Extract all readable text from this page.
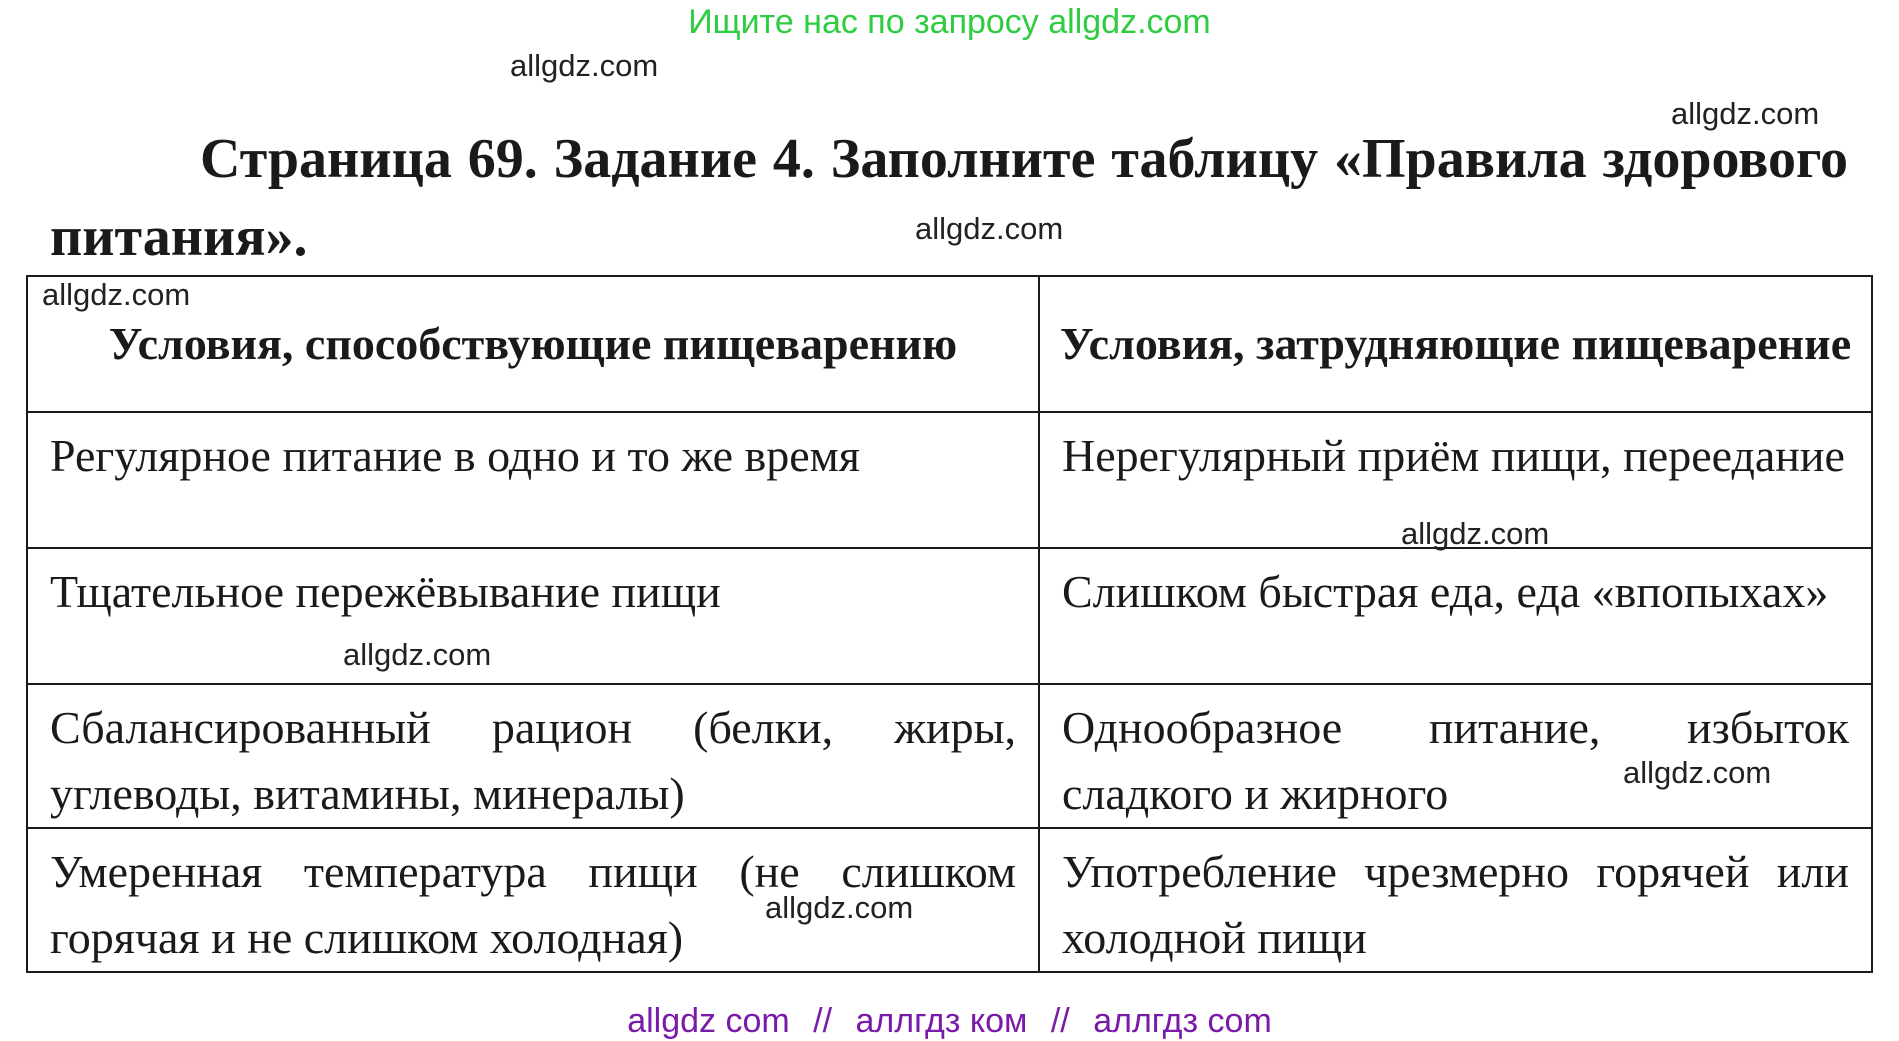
Ищите нас по запросу allgdz.com
Страница 69. Задание 4. Заполните таблицу «Правила здорового питания».
Условия, способствующие пищеварению	Условия, затрудняющие пищеварение
Регулярное питание в одно и то же время	Нерегулярный приём пищи, переедание
Тщательное пережёвывание пищи	Слишком быстрая еда, еда «впопыхах»
Сбалансированный рацион (белки, жиры, углеводы, витамины, минералы)	Однообразное питание, избыток сладкого и жирного
Умеренная температура пищи (не слишком горячая и не слишком холодная)	Употребление чрезмерно горячей или холодной пищи
allgdz.com
allgdz.com
allgdz.com
allgdz.com
allgdz.com
allgdz.com
allgdz.com
allgdz.com
allgdz com // аллгдз ком // аллгдз com
